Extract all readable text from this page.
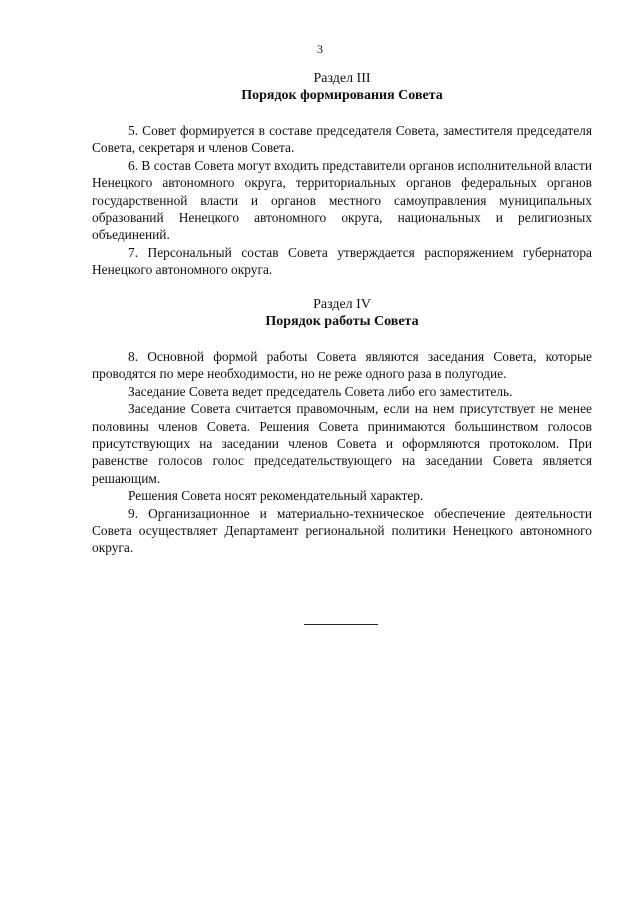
3
Раздел III
Порядок формирования Совета

5. Совет формируется в составе председателя Совета, заместителя председателя Совета, секретаря и членов Совета.

6. В состав Совета могут входить представители органов исполнительной власти Ненецкого автономного округа, территориальных органов федеральных органов государственной власти и органов местного самоуправления муниципальных образований Ненецкого автономного округа, национальных и религиозных объединений.

7. Персональный состав Совета утверждается распоряжением губернатора Ненецкого автономного округа.

Раздел IV
Порядок работы Совета

8. Основной формой работы Совета являются заседания Совета, которые проводятся по мере необходимости, но не реже одного раза в полугодие.

Заседание Совета ведет председатель Совета либо его заместитель.

Заседание Совета считается правомочным, если на нем присутствует не менее половины членов Совета. Решения Совета принимаются большинством голосов присутствующих на заседании членов Совета и оформляются протоколом. При равенстве голосов голос председательствующего на заседании Совета является решающим.

Решения Совета носят рекомендательный характер.

9. Организационное и материально-техническое обеспечение деятельности Совета осуществляет Департамент региональной политики Ненецкого автономного округа.
